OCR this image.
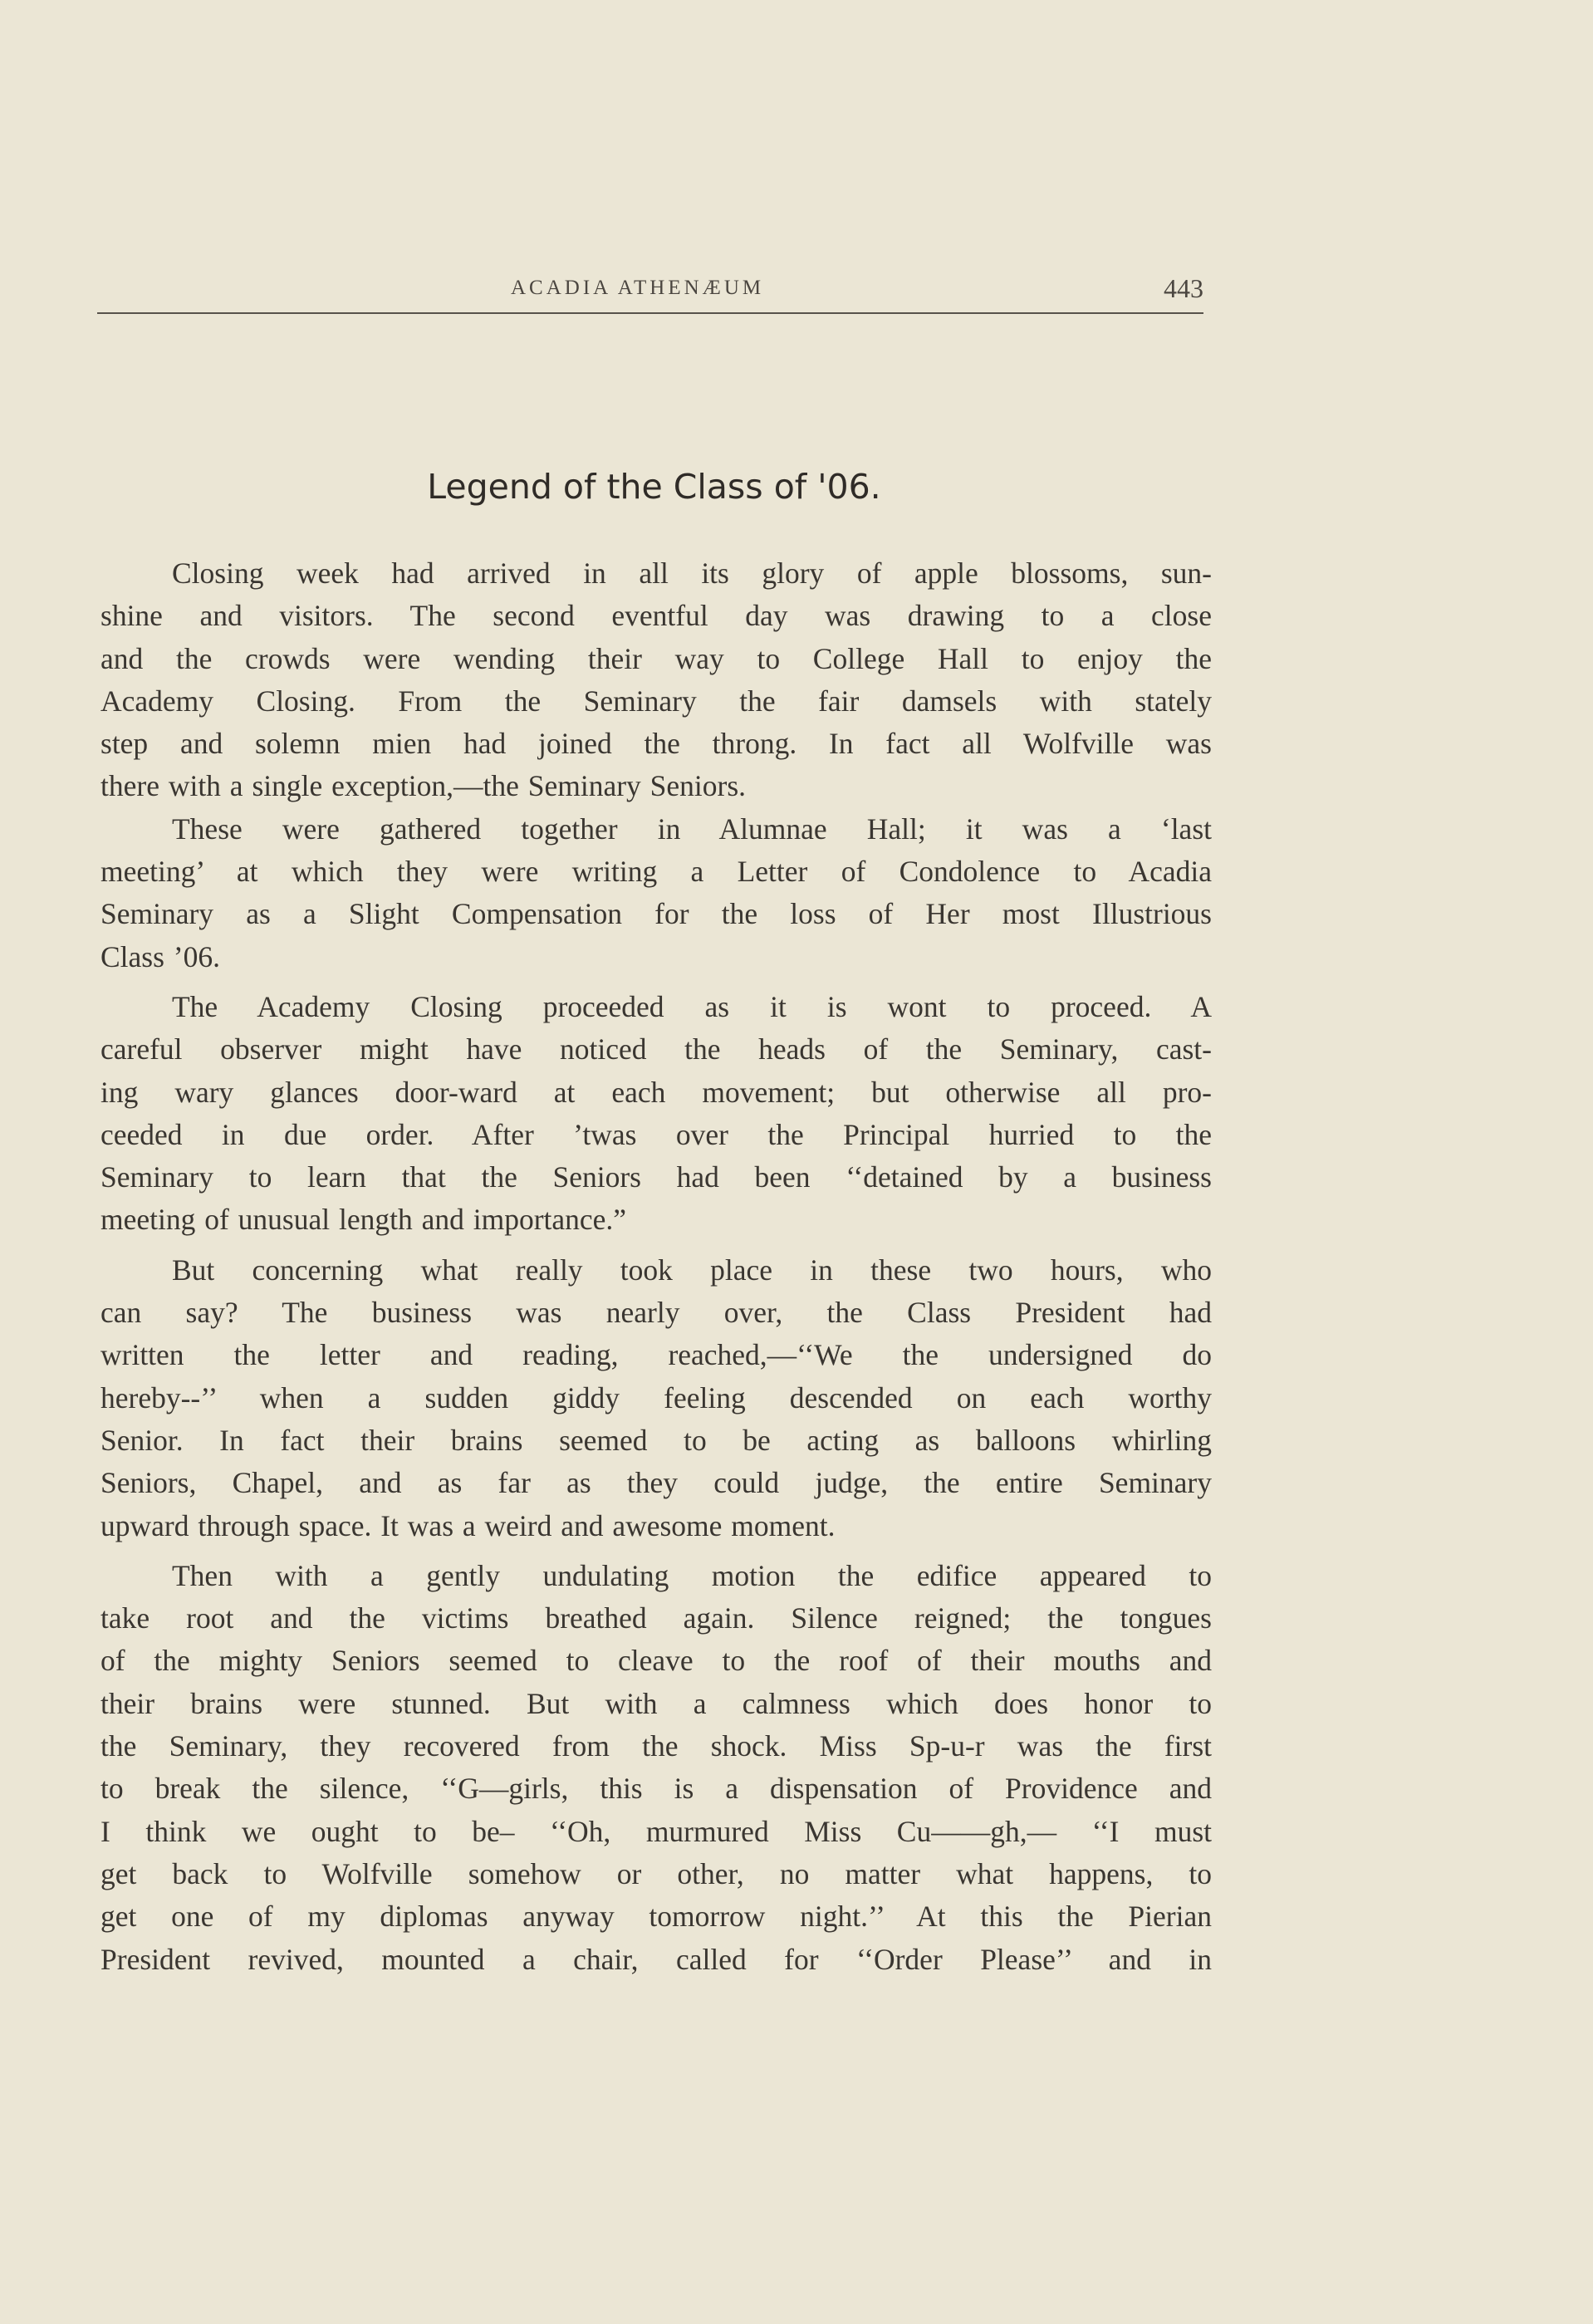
ACADIA ATHENÆUM	443
Legend of the Class of '06.
Closing week had arrived in all its glory of apple blossoms, sun-
shine and visitors. The second eventful day was drawing to a close
and the crowds were wending their way to College Hall to enjoy the
Academy Closing. From the Seminary the fair damsels with stately
step and solemn mien had joined the throng. In fact all Wolfville was
there with a single exception,—the Seminary Seniors.
These were gathered together in Alumnae Hall; it was a ‘last
meeting’ at which they were writing a Letter of Condolence to Acadia
Seminary as a Slight Compensation for the loss of Her most Illustrious
Class ’06.
The Academy Closing proceeded as it is wont to proceed. A
careful observer might have noticed the heads of the Seminary, cast-
ing wary glances door-ward at each movement; but otherwise all pro-
ceeded in due order. After ’twas over the Principal hurried to the
Seminary to learn that the Seniors had been ‘‘detained by a business
meeting of unusual length and importance.”
But concerning what really took place in these two hours, who
can say? The business was nearly over, the Class President had
written the letter and reading, reached,—‘‘We the undersigned do
hereby--’’ when a sudden giddy feeling descended on each worthy
Senior. In fact their brains seemed to be acting as balloons whirling
Seniors, Chapel, and as far as they could judge, the entire Seminary
upward through space. It was a weird and awesome moment.
Then with a gently undulating motion the edifice appeared to
take root and the victims breathed again. Silence reigned; the tongues
of the mighty Seniors seemed to cleave to the roof of their mouths and
their brains were stunned. But with a calmness which does honor to
the Seminary, they recovered from the shock. Miss Sp-u-r was the first
to break the silence, ‘‘G—girls, this is a dispensation of Providence and
I think we ought to be– ‘‘Oh, murmured Miss Cu——gh,— ‘‘I must
get back to Wolfville somehow or other, no matter what happens, to
get one of my diplomas anyway tomorrow night.’’ At this the Pierian
President revived, mounted a chair, called for ‘‘Order Please’’ and in
